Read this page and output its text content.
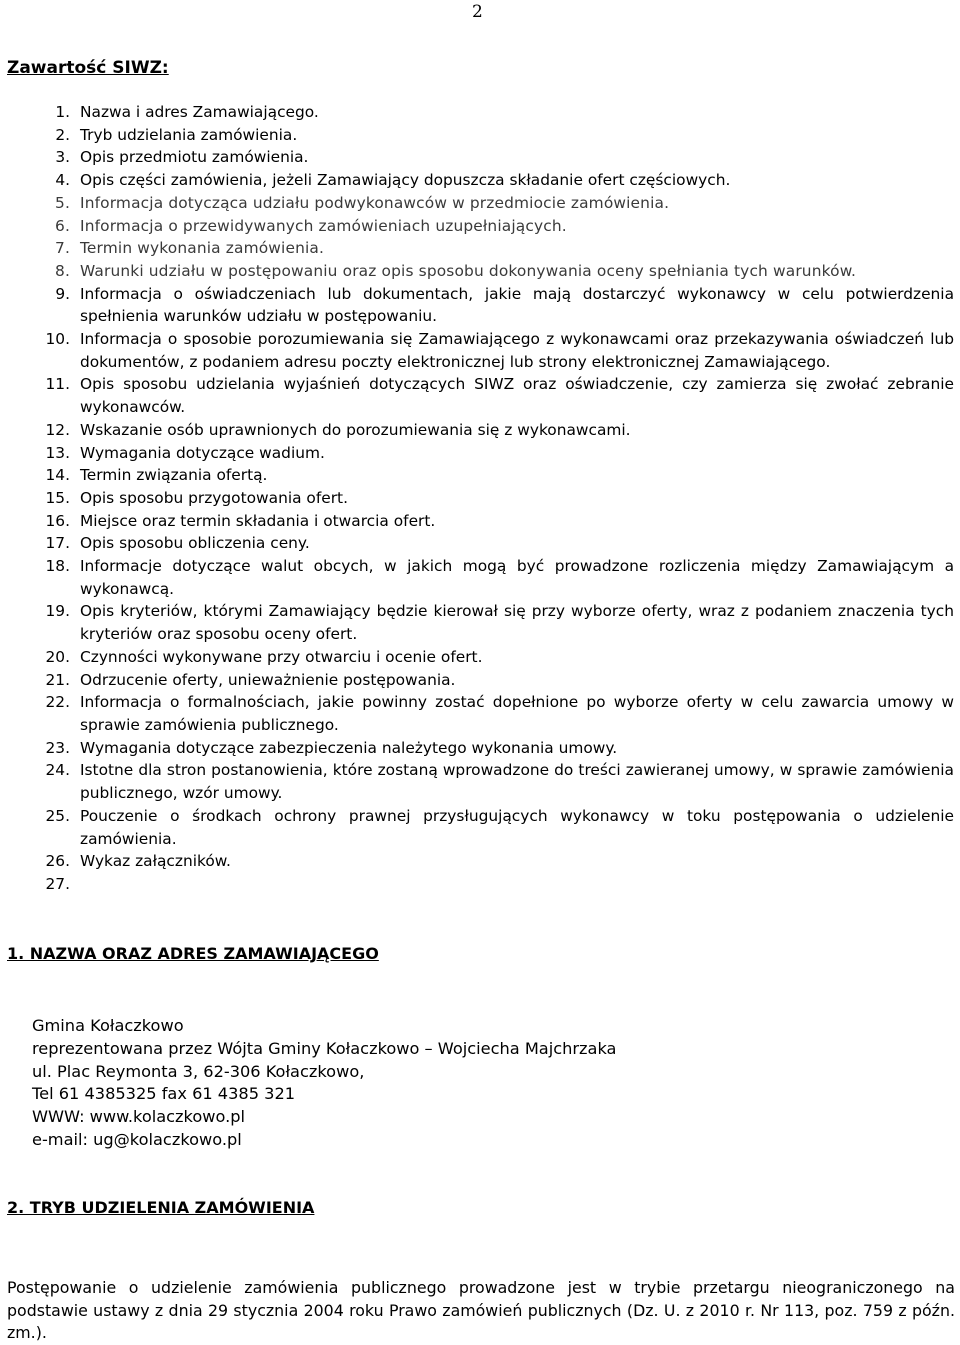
2
Zawartość SIWZ:
1. Nazwa i adres Zamawiającego.
2. Tryb udzielania zamówienia.
3. Opis przedmiotu zamówienia.
4. Opis części zamówienia, jeżeli Zamawiający dopuszcza składanie ofert częściowych.
5. Informacja dotycząca udziału podwykonawców w przedmiocie zamówienia.
6. Informacja o przewidywanych zamówieniach uzupełniających.
7. Termin wykonania zamówienia.
8. Warunki udziału w postępowaniu oraz opis sposobu dokonywania oceny spełniania tych warunków.
9. Informacja o oświadczeniach lub dokumentach, jakie mają dostarczyć wykonawcy w celu potwierdzenia spełnienia warunków udziału w postępowaniu.
10. Informacja o sposobie porozumiewania się Zamawiającego z wykonawcami oraz przekazywania oświadczeń lub dokumentów, z podaniem adresu poczty elektronicznej lub strony elektronicznej Zamawiającego.
11. Opis sposobu udzielania wyjaśnień dotyczących SIWZ oraz oświadczenie, czy zamierza się zwołać zebranie wykonawców.
12. Wskazanie osób uprawnionych do porozumiewania się z wykonawcami.
13. Wymagania dotyczące wadium.
14. Termin związania ofertą.
15. Opis sposobu przygotowania ofert.
16. Miejsce oraz termin składania i otwarcia ofert.
17. Opis sposobu obliczenia ceny.
18. Informacje dotyczące walut obcych, w jakich mogą być prowadzone rozliczenia między Zamawiającym a wykonawcą.
19. Opis kryteriów, którymi Zamawiający będzie kierował się przy wyborze oferty, wraz z podaniem znaczenia tych kryteriów oraz sposobu oceny ofert.
20. Czynności wykonywane przy otwarciu i ocenie ofert.
21. Odrzucenie oferty, unieważnienie postępowania.
22. Informacja o formalnościach, jakie powinny zostać dopełnione po wyborze oferty w celu zawarcia umowy w sprawie zamówienia publicznego.
23. Wymagania dotyczące zabezpieczenia należytego wykonania umowy.
24. Istotne dla stron postanowienia, które zostaną wprowadzone do treści zawieranej umowy, w sprawie zamówienia publicznego, wzór umowy.
25. Pouczenie o środkach ochrony prawnej przysługujących wykonawcy w toku postępowania o udzielenie zamówienia.
26. Wykaz załączników.
27.
1. NAZWA ORAZ ADRES ZAMAWIAJĄCEGO
Gmina Kołaczkowo
reprezentowana przez Wójta Gminy Kołaczkowo – Wojciecha Majchrzaka
ul. Plac Reymonta 3, 62-306 Kołaczkowo,
Tel 61 4385325 fax 61 4385 321
WWW: www.kolaczkowo.pl
e-mail: ug@kolaczkowo.pl
2. TRYB UDZIELENIA ZAMÓWIENIA
Postępowanie o udzielenie zamówienia publicznego prowadzone jest w trybie przetargu nieograniczonego na podstawie ustawy z dnia 29 stycznia 2004 roku Prawo zamówień publicznych (Dz. U. z 2010 r. Nr 113, poz. 759 z późn. zm.).
